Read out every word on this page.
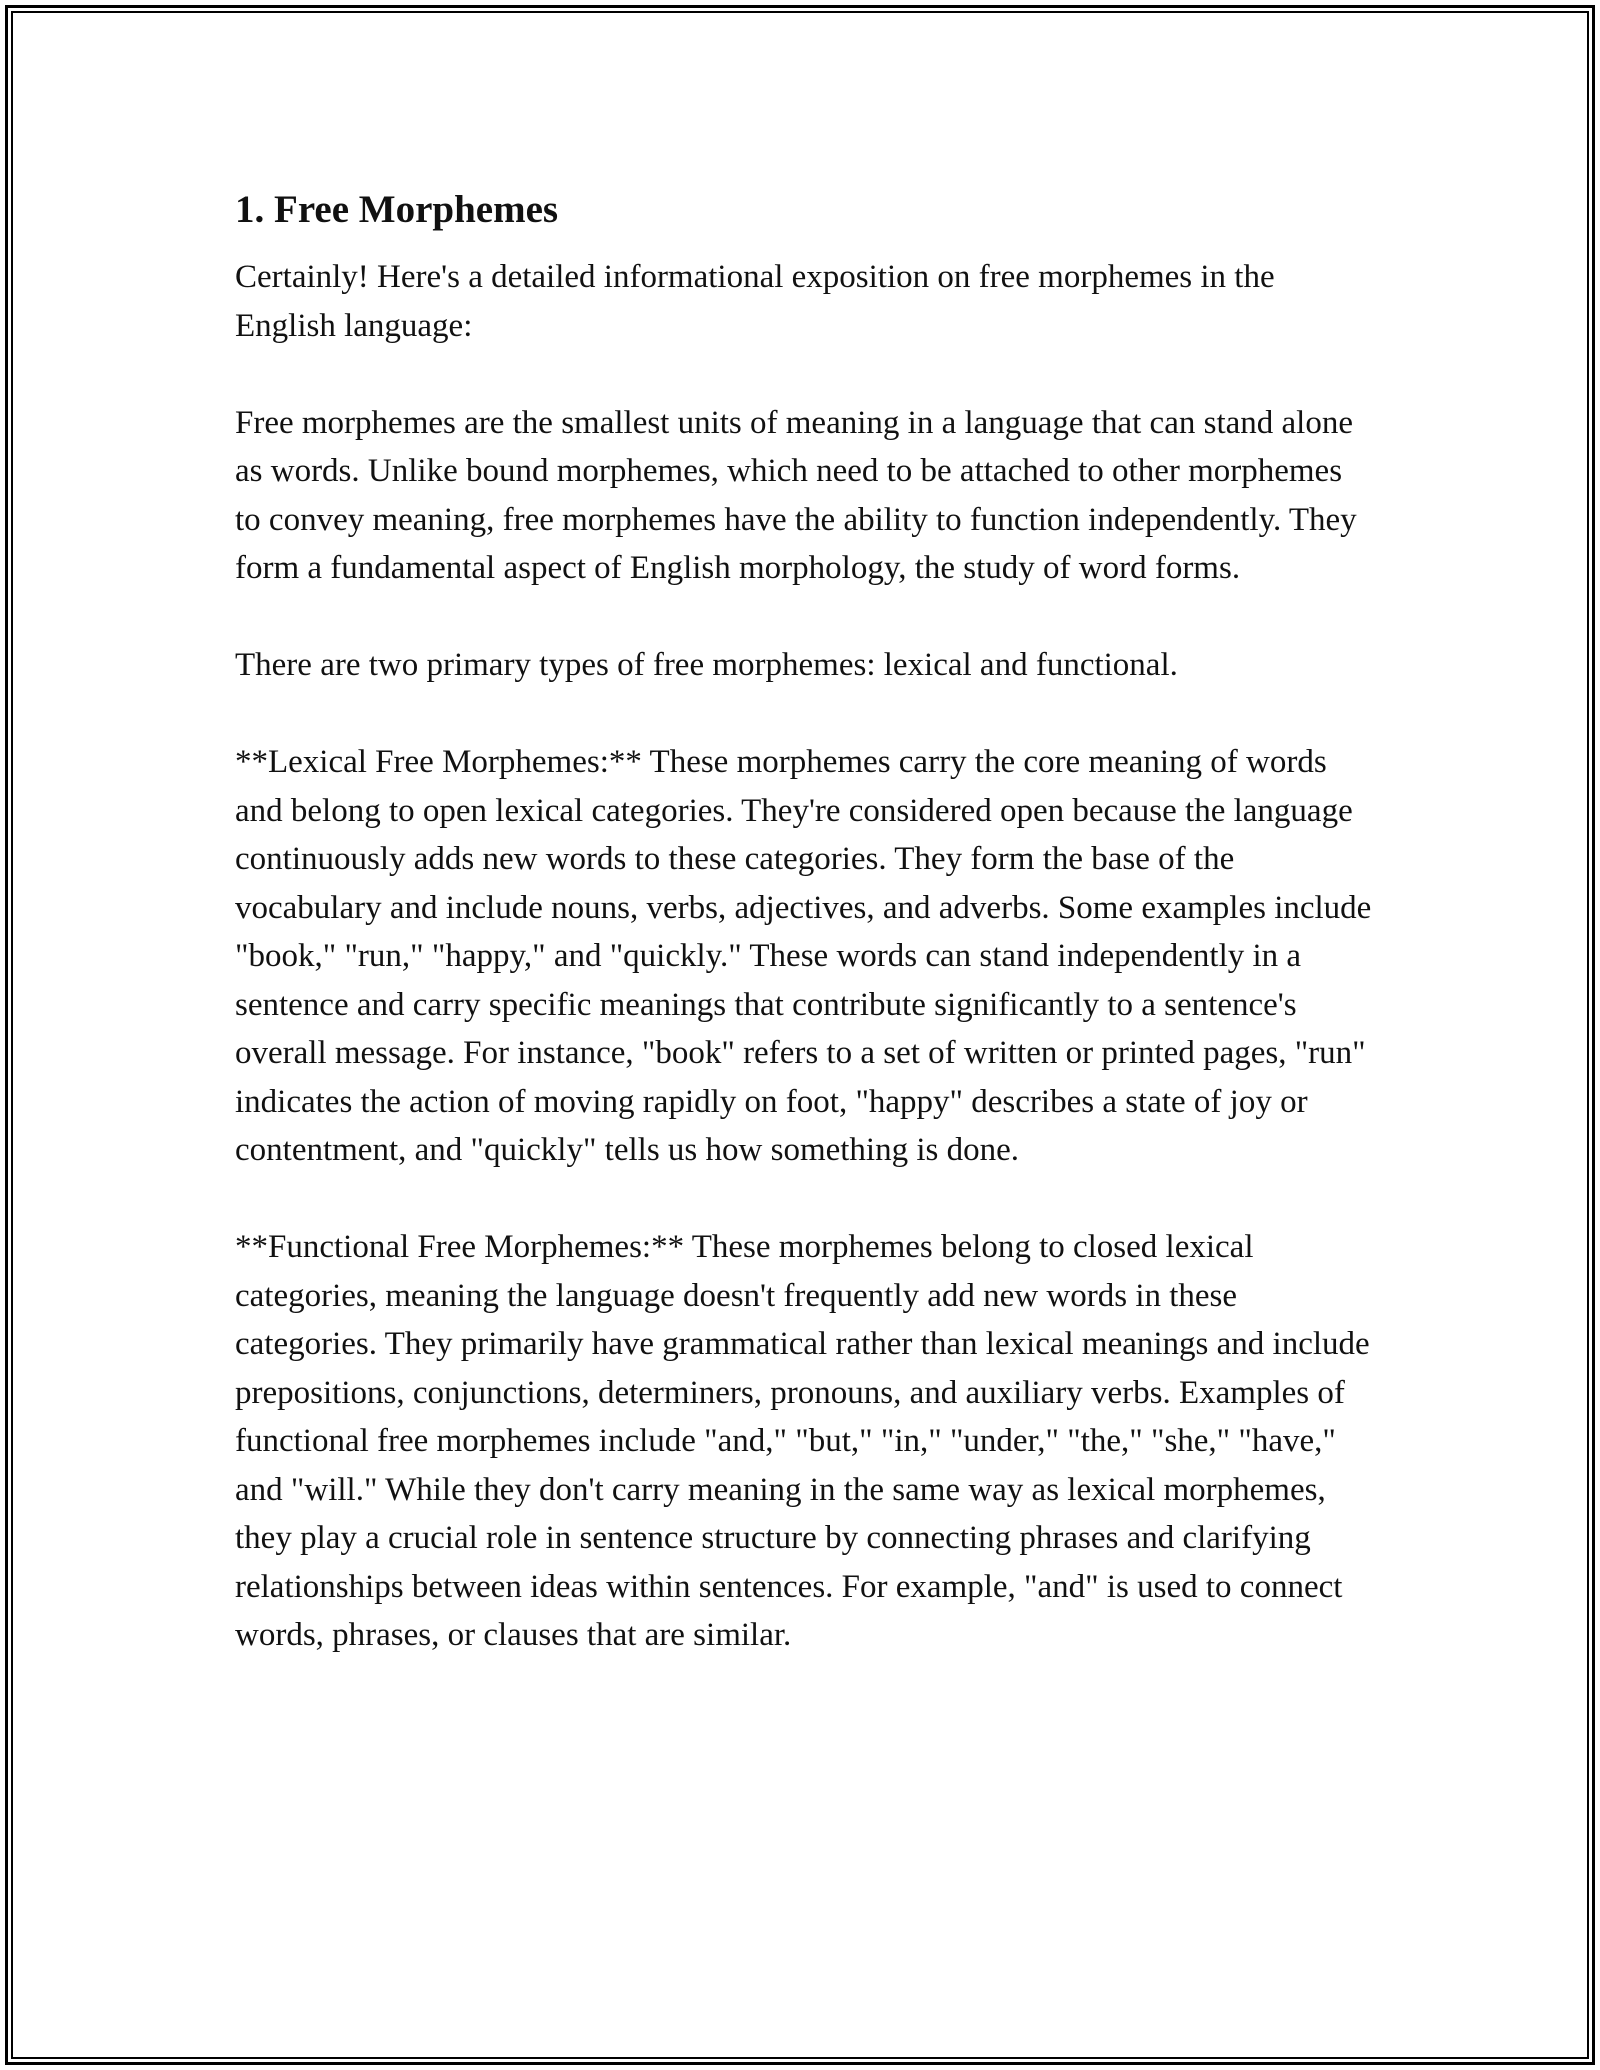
1. Free Morphemes

Certainly! Here's a detailed informational exposition on free morphemes in the English language:

Free morphemes are the smallest units of meaning in a language that can stand alone as words. Unlike bound morphemes, which need to be attached to other morphemes to convey meaning, free morphemes have the ability to function independently. They form a fundamental aspect of English morphology, the study of word forms.

There are two primary types of free morphemes: lexical and functional.

**Lexical Free Morphemes:** These morphemes carry the core meaning of words and belong to open lexical categories. They're considered open because the language continuously adds new words to these categories. They form the base of the vocabulary and include nouns, verbs, adjectives, and adverbs. Some examples include "book," "run," "happy," and "quickly." These words can stand independently in a sentence and carry specific meanings that contribute significantly to a sentence's overall message. For instance, "book" refers to a set of written or printed pages, "run" indicates the action of moving rapidly on foot, "happy" describes a state of joy or contentment, and "quickly" tells us how something is done.

**Functional Free Morphemes:** These morphemes belong to closed lexical categories, meaning the language doesn't frequently add new words in these categories. They primarily have grammatical rather than lexical meanings and include prepositions, conjunctions, determiners, pronouns, and auxiliary verbs. Examples of functional free morphemes include "and," "but," "in," "under," "the," "she," "have," and "will." While they don't carry meaning in the same way as lexical morphemes, they play a crucial role in sentence structure by connecting phrases and clarifying relationships between ideas within sentences. For example, "and" is used to connect words, phrases, or clauses that are similar.
